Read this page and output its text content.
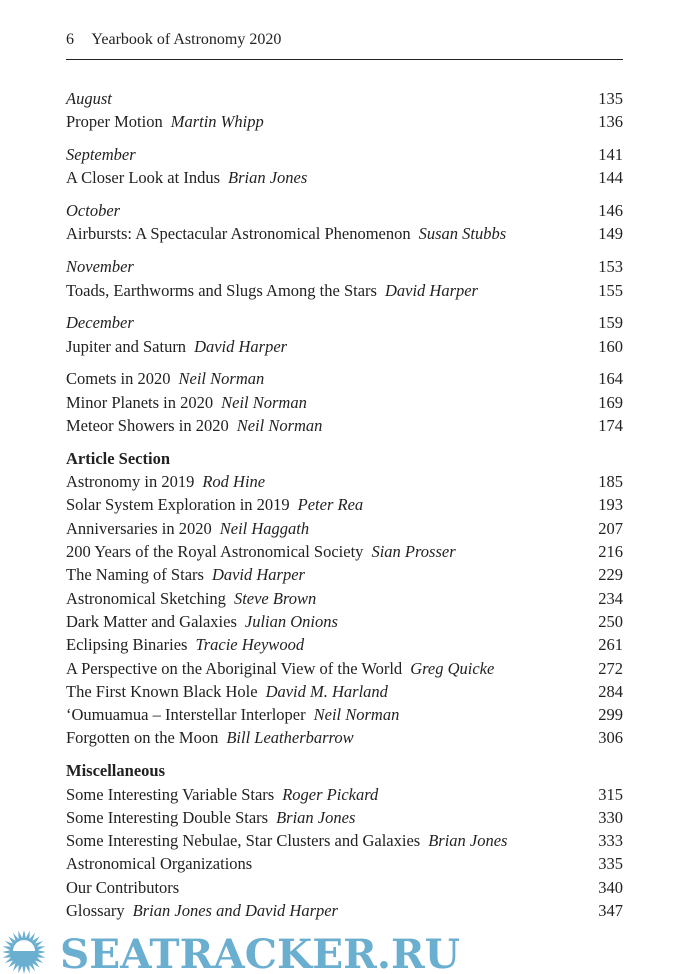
6 Yearbook of Astronomy 2020
August	135
Proper Motion Martin Whipp	136
September	141
A Closer Look at Indus Brian Jones	144
October	146
Airbursts: A Spectacular Astronomical Phenomenon Susan Stubbs	149
November	153
Toads, Earthworms and Slugs Among the Stars David Harper	155
December	159
Jupiter and Saturn David Harper	160
Comets in 2020 Neil Norman	164
Minor Planets in 2020 Neil Norman	169
Meteor Showers in 2020 Neil Norman	174
Article Section
Astronomy in 2019 Rod Hine	185
Solar System Exploration in 2019 Peter Rea	193
Anniversaries in 2020 Neil Haggath	207
200 Years of the Royal Astronomical Society Sian Prosser	216
The Naming of Stars David Harper	229
Astronomical Sketching Steve Brown	234
Dark Matter and Galaxies Julian Onions	250
Eclipsing Binaries Tracie Heywood	261
A Perspective on the Aboriginal View of the World Greg Quicke	272
The First Known Black Hole David M. Harland	284
‘Oumuamua – Interstellar Interloper Neil Norman	299
Forgotten on the Moon Bill Leatherbarrow	306
Miscellaneous
Some Interesting Variable Stars Roger Pickard	315
Some Interesting Double Stars Brian Jones	330
Some Interesting Nebulae, Star Clusters and Galaxies Brian Jones	333
Astronomical Organizations	335
Our Contributors	340
Glossary Brian Jones and David Harper	347
SEATRACKER.RU
